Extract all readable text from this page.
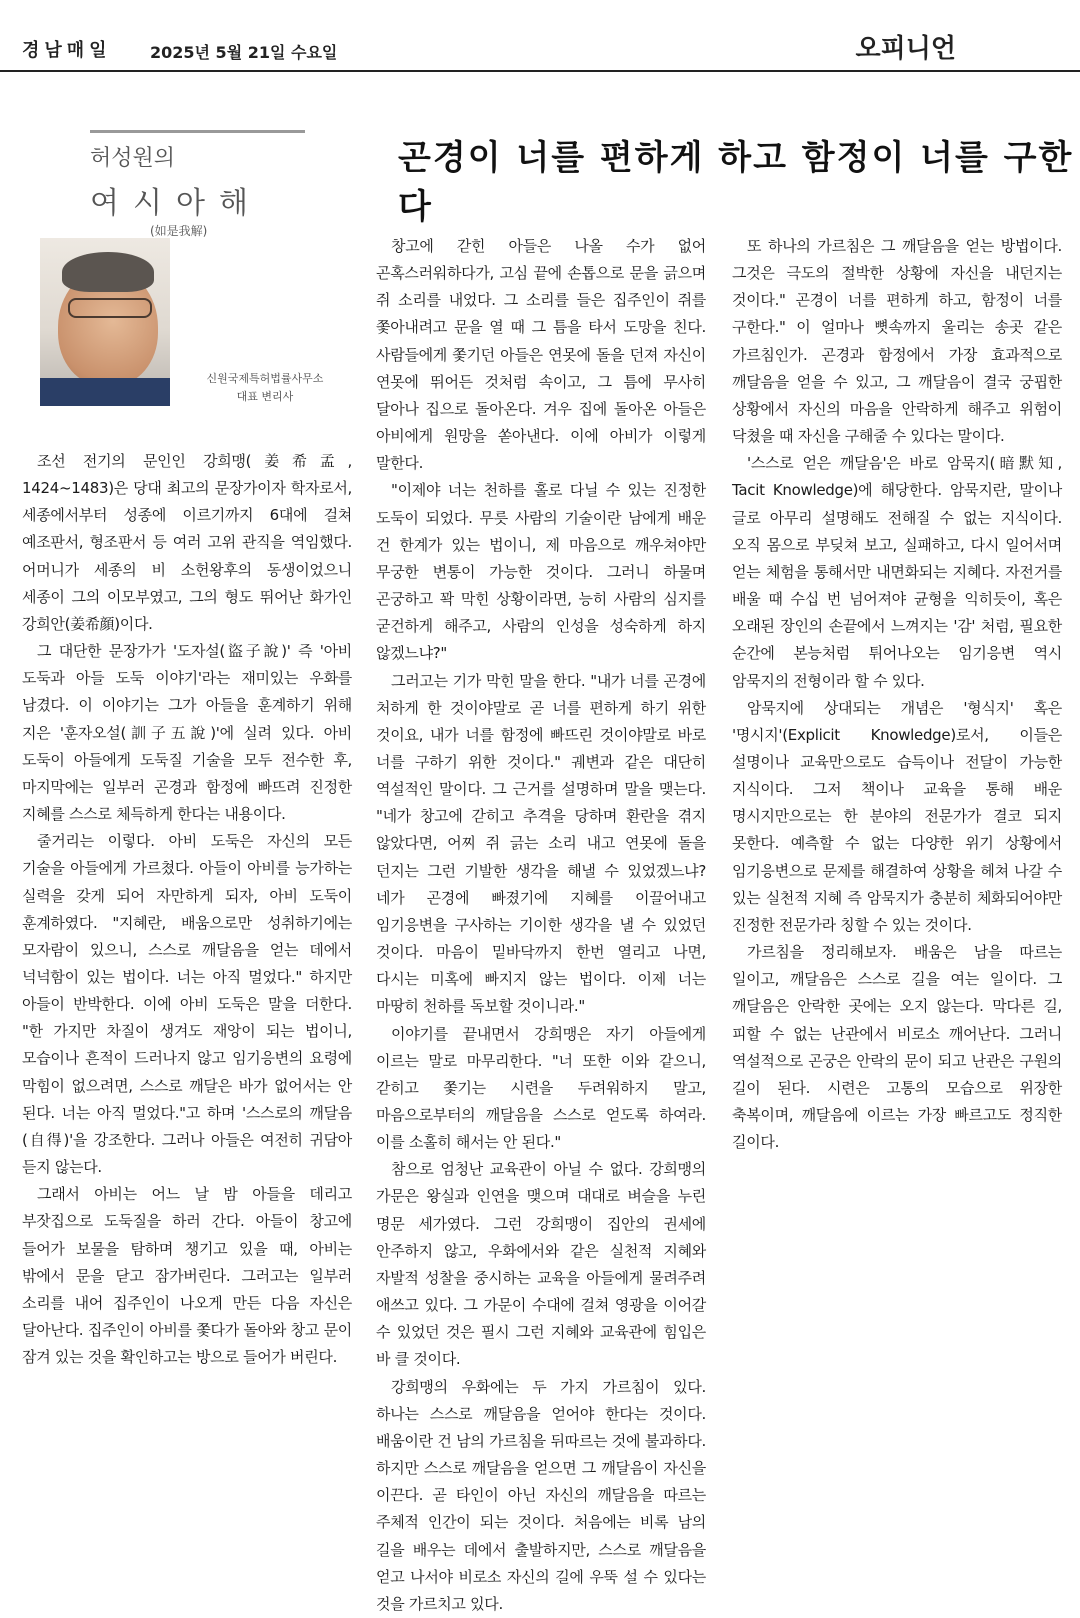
경남매일 2025년 5월 21일 수요일	오피니언
허성원의
여시아해
(如是我解)
신원국제특허법률사무소
대표 변리사
곤경이 너를 편하게 하고 함정이 너를 구한다

조선 전기의 문인인 강희맹(姜希孟, 1424~1483)은 당대 최고의 문장가이자 학자로서, 세종에서부터 성종에 이르기까지 6대에 걸쳐 예조판서, 형조판서 등 여러 고위 관직을 역임했다. 어머니가 세종의 비 소헌왕후의 동생이었으니 세종이 그의 이모부였고, 그의 형도 뛰어난 화가인 강희안(姜希顔)이다.

그 대단한 문장가가 '도자설(盜子說)' 즉 '아비 도둑과 아들 도둑 이야기'라는 재미있는 우화를 남겼다. 이 이야기는 그가 아들을 훈계하기 위해 지은 '훈자오설(訓子五說)'에 실려 있다. 아비 도둑이 아들에게 도둑질 기술을 모두 전수한 후, 마지막에는 일부러 곤경과 함정에 빠뜨려 진정한 지혜를 스스로 체득하게 한다는 내용이다.

줄거리는 이렇다. 아비 도둑은 자신의 모든 기술을 아들에게 가르쳤다. 아들이 아비를 능가하는 실력을 갖게 되어 자만하게 되자, 아비 도둑이 훈계하였다. "지혜란, 배움으로만 성취하기에는 모자람이 있으니, 스스로 깨달음을 얻는 데에서 넉넉함이 있는 법이다. 너는 아직 멀었다." 하지만 아들이 반박한다. 이에 아비 도둑은 말을 더한다. "한 가지만 차질이 생겨도 재앙이 되는 법이니, 모습이나 흔적이 드러나지 않고 임기응변의 요령에 막힘이 없으려면, 스스로 깨달은 바가 없어서는 안 된다. 너는 아직 멀었다."고 하며 '스스로의 깨달음(自得)'을 강조한다. 그러나 아들은 여전히 귀담아 듣지 않는다.

그래서 아비는 어느 날 밤 아들을 데리고 부잣집으로 도둑질을 하러 간다. 아들이 창고에 들어가 보물을 탐하며 챙기고 있을 때, 아비는 밖에서 문을 닫고 잠가버린다. 그러고는 일부러 소리를 내어 집주인이 나오게 만든 다음 자신은 달아난다. 집주인이 아비를 쫓다가 돌아와 창고 문이 잠겨 있는 것을 확인하고는 방으로 들어가 버린다.

창고에 갇힌 아들은 나올 수가 없어 곤혹스러워하다가, 고심 끝에 손톱으로 문을 긁으며 쥐 소리를 내었다. 그 소리를 들은 집주인이 쥐를 쫓아내려고 문을 열 때 그 틈을 타서 도망을 친다. 사람들에게 쫓기던 아들은 연못에 돌을 던져 자신이 연못에 뛰어든 것처럼 속이고, 그 틈에 무사히 달아나 집으로 돌아온다. 겨우 집에 돌아온 아들은 아비에게 원망을 쏟아낸다. 이에 아비가 이렇게 말한다.

"이제야 너는 천하를 홀로 다닐 수 있는 진정한 도둑이 되었다. 무릇 사람의 기술이란 남에게 배운 건 한계가 있는 법이니, 제 마음으로 깨우쳐야만 무궁한 변통이 가능한 것이다. 그러니 하물며 곤궁하고 꽉 막힌 상황이라면, 능히 사람의 심지를 굳건하게 해주고, 사람의 인성을 성숙하게 하지 않겠느냐?"

그러고는 기가 막힌 말을 한다. "내가 너를 곤경에 처하게 한 것이야말로 곧 너를 편하게 하기 위한 것이요, 내가 너를 함정에 빠뜨린 것이야말로 바로 너를 구하기 위한 것이다." 궤변과 같은 대단히 역설적인 말이다. 그 근거를 설명하며 말을 맺는다. "네가 창고에 갇히고 추격을 당하며 환란을 겪지 않았다면, 어찌 쥐 긁는 소리 내고 연못에 돌을 던지는 그런 기발한 생각을 해낼 수 있었겠느냐? 네가 곤경에 빠졌기에 지혜를 이끌어내고 임기응변을 구사하는 기이한 생각을 낼 수 있었던 것이다. 마음이 밑바닥까지 한번 열리고 나면, 다시는 미혹에 빠지지 않는 법이다. 이제 너는 마땅히 천하를 독보할 것이니라."

이야기를 끝내면서 강희맹은 자기 아들에게 이르는 말로 마무리한다. "너 또한 이와 같으니, 갇히고 쫓기는 시련을 두려워하지 말고, 마음으로부터의 깨달음을 스스로 얻도록 하여라. 이를 소홀히 해서는 안 된다."

참으로 엄청난 교육관이 아닐 수 없다. 강희맹의 가문은 왕실과 인연을 맺으며 대대로 벼슬을 누린 명문 세가였다. 그런 강희맹이 집안의 권세에 안주하지 않고, 우화에서와 같은 실천적 지혜와 자발적 성찰을 중시하는 교육을 아들에게 물려주려 애쓰고 있다. 그 가문이 수대에 걸쳐 영광을 이어갈 수 있었던 것은 필시 그런 지혜와 교육관에 힘입은 바 클 것이다.

강희맹의 우화에는 두 가지 가르침이 있다. 하나는 스스로 깨달음을 얻어야 한다는 것이다. 배움이란 건 남의 가르침을 뒤따르는 것에 불과하다. 하지만 스스로 깨달음을 얻으면 그 깨달음이 자신을 이끈다. 곧 타인이 아닌 자신의 깨달음을 따르는 주체적 인간이 되는 것이다. 처음에는 비록 남의 길을 배우는 데에서 출발하지만, 스스로 깨달음을 얻고 나서야 비로소 자신의 길에 우뚝 설 수 있다는 것을 가르치고 있다.

또 하나의 가르침은 그 깨달음을 얻는 방법이다. 그것은 극도의 절박한 상황에 자신을 내던지는 것이다." 곤경이 너를 편하게 하고, 함정이 너를 구한다." 이 얼마나 뼛속까지 울리는 송곳 같은 가르침인가. 곤경과 함정에서 가장 효과적으로 깨달음을 얻을 수 있고, 그 깨달음이 결국 궁핍한 상황에서 자신의 마음을 안락하게 해주고 위험이 닥쳤을 때 자신을 구해줄 수 있다는 말이다.

'스스로 얻은 깨달음'은 바로 암묵지(暗默知, Tacit Knowledge)에 해당한다. 암묵지란, 말이나 글로 아무리 설명해도 전해질 수 없는 지식이다. 오직 몸으로 부딪쳐 보고, 실패하고, 다시 일어서며 얻는 체험을 통해서만 내면화되는 지혜다. 자전거를 배울 때 수십 번 넘어져야 균형을 익히듯이, 혹은 오래된 장인의 손끝에서 느껴지는 '감' 처럼, 필요한 순간에 본능처럼 튀어나오는 임기응변 역시 암묵지의 전형이라 할 수 있다.

암묵지에 상대되는 개념은 '형식지' 혹은 '명시지'(Explicit Knowledge)로서, 이들은 설명이나 교육만으로도 습득이나 전달이 가능한 지식이다. 그저 책이나 교육을 통해 배운 명시지만으로는 한 분야의 전문가가 결코 되지 못한다. 예측할 수 없는 다양한 위기 상황에서 임기응변으로 문제를 해결하여 상황을 헤쳐 나갈 수 있는 실천적 지혜 즉 암묵지가 충분히 체화되어야만 진정한 전문가라 칭할 수 있는 것이다.

가르침을 정리해보자. 배움은 남을 따르는 일이고, 깨달음은 스스로 길을 여는 일이다. 그 깨달음은 안락한 곳에는 오지 않는다. 막다른 길, 피할 수 없는 난관에서 비로소 깨어난다. 그러니 역설적으로 곤궁은 안락의 문이 되고 난관은 구원의 길이 된다. 시련은 고통의 모습으로 위장한 축복이며, 깨달음에 이르는 가장 빠르고도 정직한 길이다.
